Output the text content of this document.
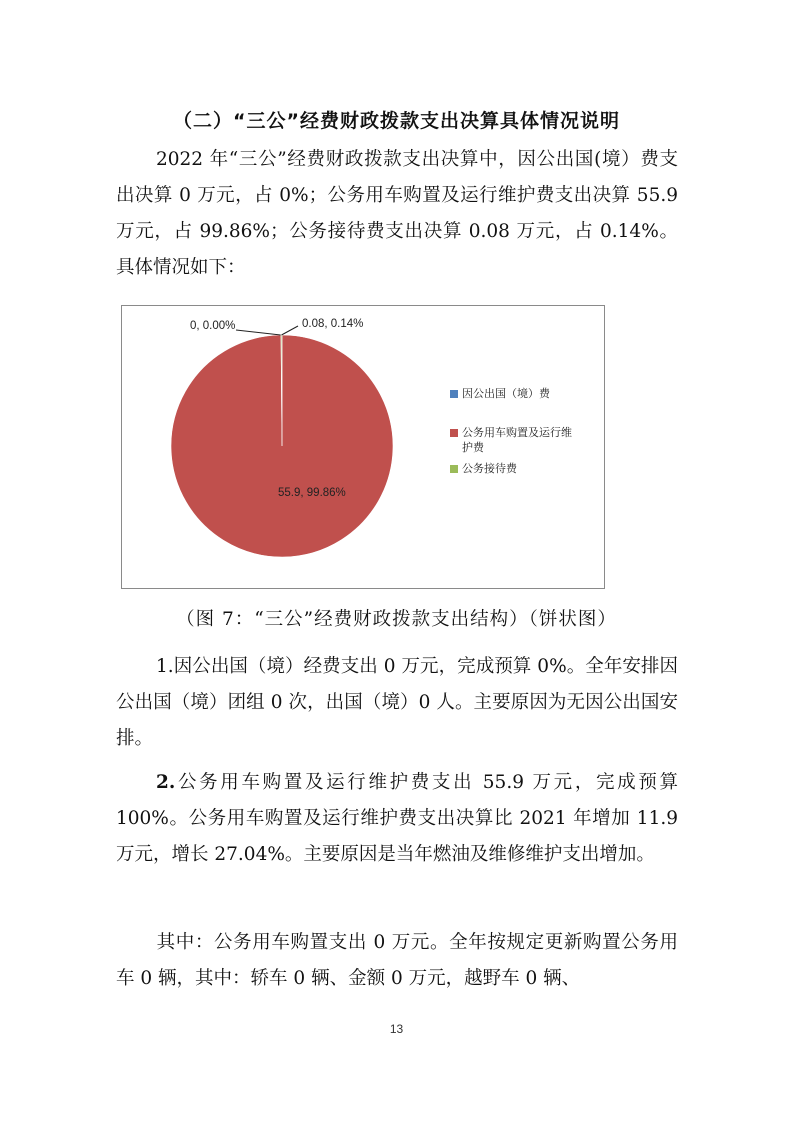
（二）“三公”经费财政拨款支出决算具体情况说明

2022 年“三公”经费财政拨款支出决算中，因公出国(境）费支出决算 0 万元，占 0%；公务用车购置及运行维护费支出决算 55.9 万元，占 99.86%；公务接待费支出决算 0.08 万元，占 0.14%。具体情况如下：

0, 0.00%	0.08, 0.14%
55.9, 99.86%
因公出国（境）费
公务用车购置及运行维
护费
公务接待费
（图 7：“三公”经费财政拨款支出结构）（饼状图）

1.因公出国（境）经费支出 0 万元，完成预算 0%。全年安排因公出国（境）团组 0 次，出国（境）0 人。主要原因为无因公出国安排。

2.公务用车购置及运行维护费支出 55.9 万元，完成预算 100%。公务用车购置及运行维护费支出决算比 2021 年增加 11.9 万元，增长 27.04%。主要原因是当年燃油及维修维护支出增加。

其中：公务用车购置支出 0 万元。全年按规定更新购置公务用车 0 辆，其中：轿车 0 辆、金额 0 万元，越野车 0 辆、

13
